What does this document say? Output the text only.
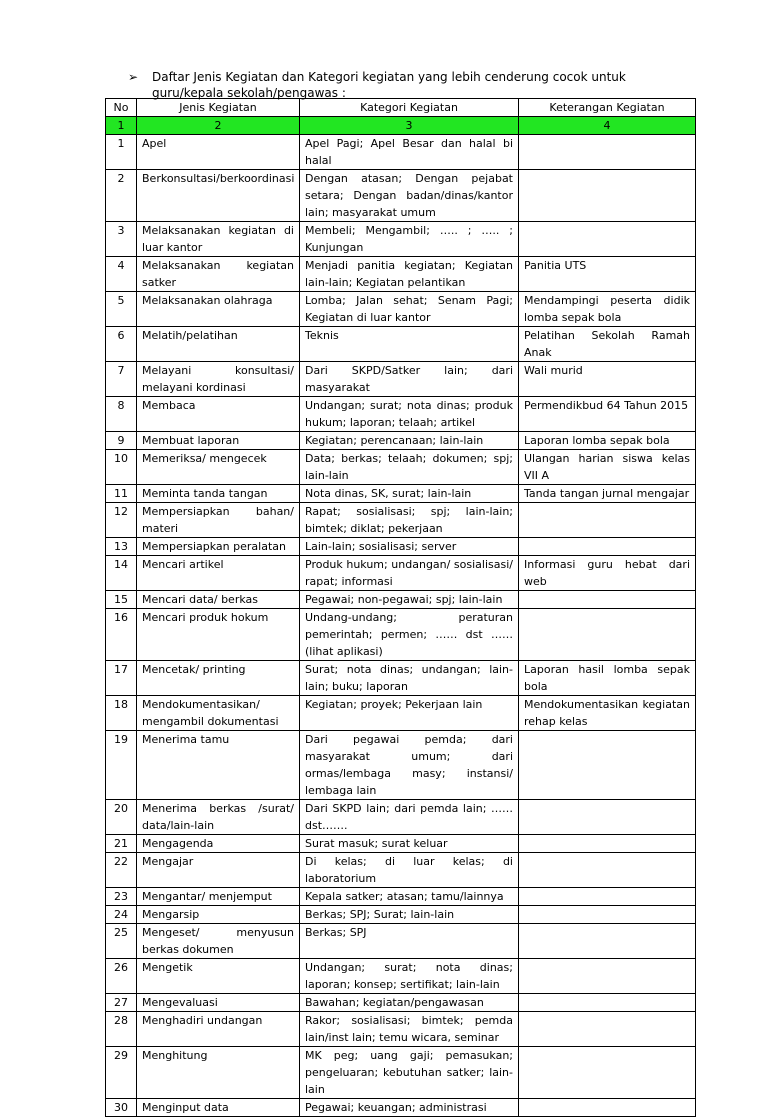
➢ Daftar Jenis Kegiatan dan Kategori kegiatan yang lebih cenderung cocok untuk guru/kepala sekolah/pengawas :
No	Jenis Kegiatan	Kategori Kegiatan	Keterangan Kegiatan
1	2	3	4
1	Apel	Apel Pagi; Apel Besar dan halal bi halal	
2	Berkonsultasi/berkoordinasi	Dengan atasan; Dengan pejabat setara; Dengan badan/dinas/kantor lain; masyarakat umum	
3	Melaksanakan kegiatan di luar kantor	Membeli; Mengambil; ….. ; ….. ; Kunjungan	
4	Melaksanakan kegiatan satker	Menjadi panitia kegiatan; Kegiatan lain-lain; Kegiatan pelantikan	Panitia UTS
5	Melaksanakan olahraga	Lomba; Jalan sehat; Senam Pagi; Kegiatan di luar kantor	Mendampingi peserta didik lomba sepak bola
6	Melatih/pelatihan	Teknis	Pelatihan Sekolah Ramah Anak
7	Melayani konsultasi/ melayani kordinasi	Dari SKPD/Satker lain; dari masyarakat	Wali murid
8	Membaca	Undangan; surat; nota dinas; produk hukum; laporan; telaah; artikel	Permendikbud 64 Tahun 2015
9	Membuat laporan	Kegiatan; perencanaan; lain-lain	Laporan lomba sepak bola
10	Memeriksa/ mengecek	Data; berkas; telaah; dokumen; spj; lain-lain	Ulangan harian siswa kelas VII A
11	Meminta tanda tangan	Nota dinas, SK, surat; lain-lain	Tanda tangan jurnal mengajar
12	Mempersiapkan bahan/ materi	Rapat; sosialisasi; spj; lain-lain; bimtek; diklat; pekerjaan	
13	Mempersiapkan peralatan	Lain-lain; sosialisasi; server	
14	Mencari artikel	Produk hukum; undangan/ sosialisasi/ rapat; informasi	Informasi guru hebat dari web
15	Mencari data/ berkas	Pegawai; non-pegawai; spj; lain-lain	
16	Mencari produk hokum	Undang-undang; peraturan pemerintah; permen; …… dst ……(lihat aplikasi)	
17	Mencetak/ printing	Surat; nota dinas; undangan; lain-lain; buku; laporan	Laporan hasil lomba sepak bola
18	Mendokumentasikan/ mengambil dokumentasi	Kegiatan; proyek; Pekerjaan lain	Mendokumentasikan kegiatan rehap kelas
19	Menerima tamu	Dari pegawai pemda; dari masyarakat umum; dari ormas/lembaga masy; instansi/ lembaga lain	
20	Menerima berkas /surat/ data/lain-lain	Dari SKPD lain; dari pemda lain; …… dst…….	
21	Mengagenda	Surat masuk; surat keluar	
22	Mengajar	Di kelas; di luar kelas; di laboratorium	
23	Mengantar/ menjemput	Kepala satker; atasan; tamu/lainnya	
24	Mengarsip	Berkas; SPJ; Surat; lain-lain	
25	Mengeset/ menyusun berkas dokumen	Berkas; SPJ	
26	Mengetik	Undangan; surat; nota dinas; laporan; konsep; sertifikat; lain-lain	
27	Mengevaluasi	Bawahan; kegiatan/pengawasan	
28	Menghadiri undangan	Rakor; sosialisasi; bimtek; pemda lain/inst lain; temu wicara, seminar	
29	Menghitung	MK peg; uang gaji; pemasukan; pengeluaran; kebutuhan satker; lain-lain	
30	Menginput data	Pegawai; keuangan; administrasi	
